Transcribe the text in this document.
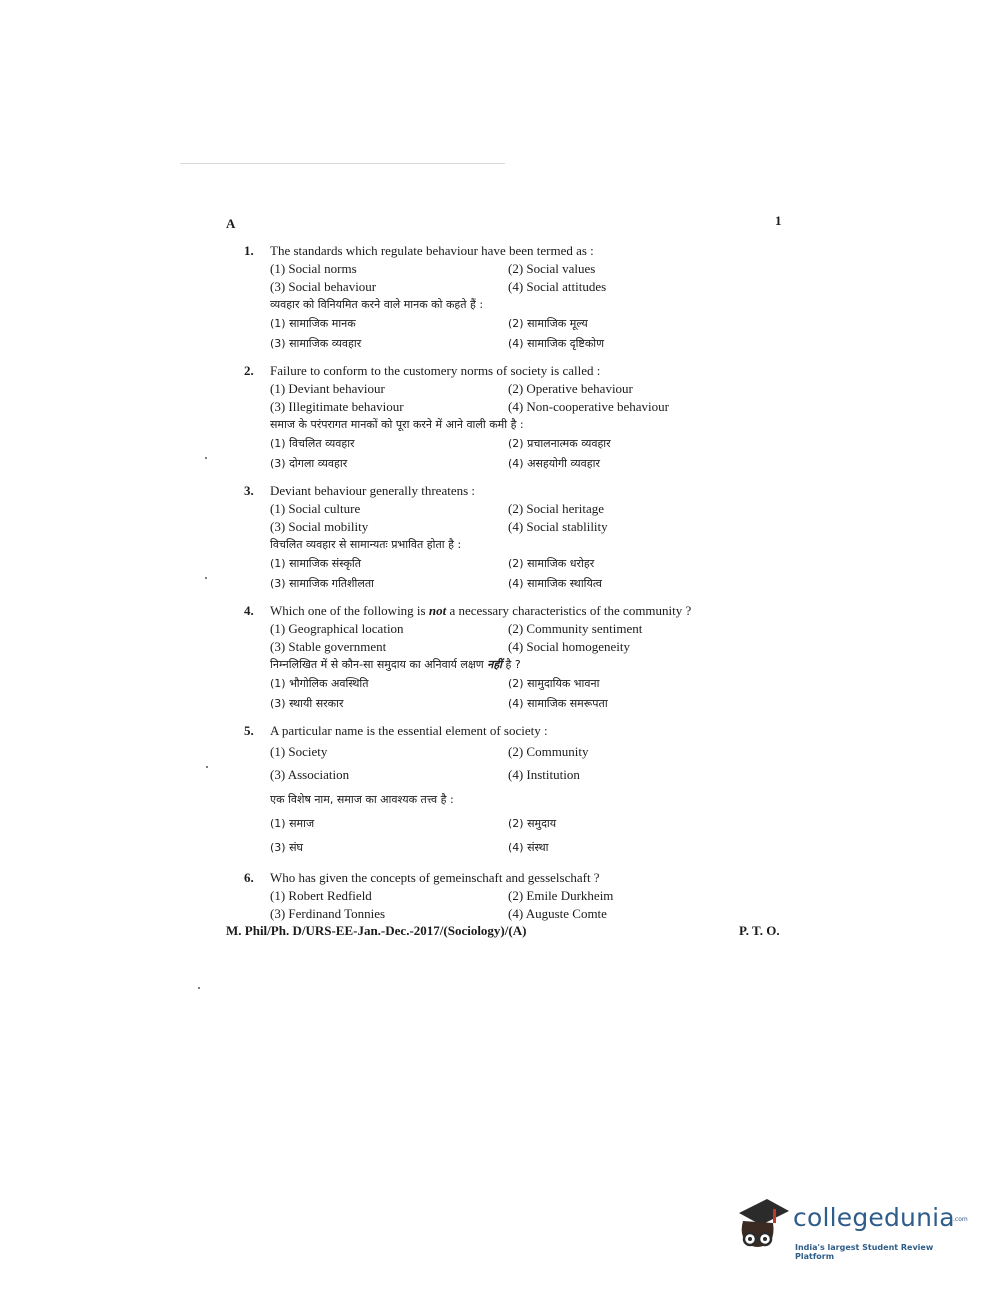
A	1
1.	The standards which regulate behaviour have been termed as :
(1) Social norms	(2) Social values
(3) Social behaviour	(4) Social attitudes
व्यवहार को विनियमित करने वाले मानक को कहते हैं :
(1) सामाजिक मानक	(2) सामाजिक मूल्य
(3) सामाजिक व्यवहार	(4) सामाजिक दृष्टिकोण
2.	Failure to conform to the customery norms of society is called :
(1) Deviant behaviour	(2) Operative behaviour
(3) Illegitimate behaviour	(4) Non-cooperative behaviour
समाज के परंपरागत मानकों को पूरा करने में आने वाली कमी है :
(1) विचलित व्यवहार	(2) प्रचालनात्मक व्यवहार
(3) दोगला व्यवहार	(4) असहयोगी व्यवहार
3.	Deviant behaviour generally threatens :
(1) Social culture	(2) Social heritage
(3) Social mobility	(4) Social stablility
विचलित व्यवहार से सामान्यतः प्रभावित होता है :
(1) सामाजिक संस्कृति	(2) सामाजिक धरोहर
(3) सामाजिक गतिशीलता	(4) सामाजिक स्थायित्व
4.	Which one of the following is not a necessary characteristics of the community ?
(1) Geographical location	(2) Community sentiment
(3) Stable government	(4) Social homogeneity
निम्नलिखित में से कौन-सा समुदाय का अनिवार्य लक्षण नहीं है ?
(1) भौगोलिक अवस्थिति	(2) सामुदायिक भावना
(3) स्थायी सरकार	(4) सामाजिक समरूपता
5.	A particular name is the essential element of society :
(1) Society	(2) Community
(3) Association	(4) Institution
एक विशेष नाम, समाज का आवश्यक तत्त्व है :
(1) समाज	(2) समुदाय
(3) संघ	(4) संस्था
6.	Who has given the concepts of gemeinschaft and gesselschaft ?
(1) Robert Redfield	(2) Emile Durkheim
(3) Ferdinand Tonnies	(4) Auguste Comte
M. Phil/Ph. D/URS-EE-Jan.-Dec.-2017/(Sociology)/(A)	P. T. O.
collegedunia
.com
India's largest Student Review Platform
